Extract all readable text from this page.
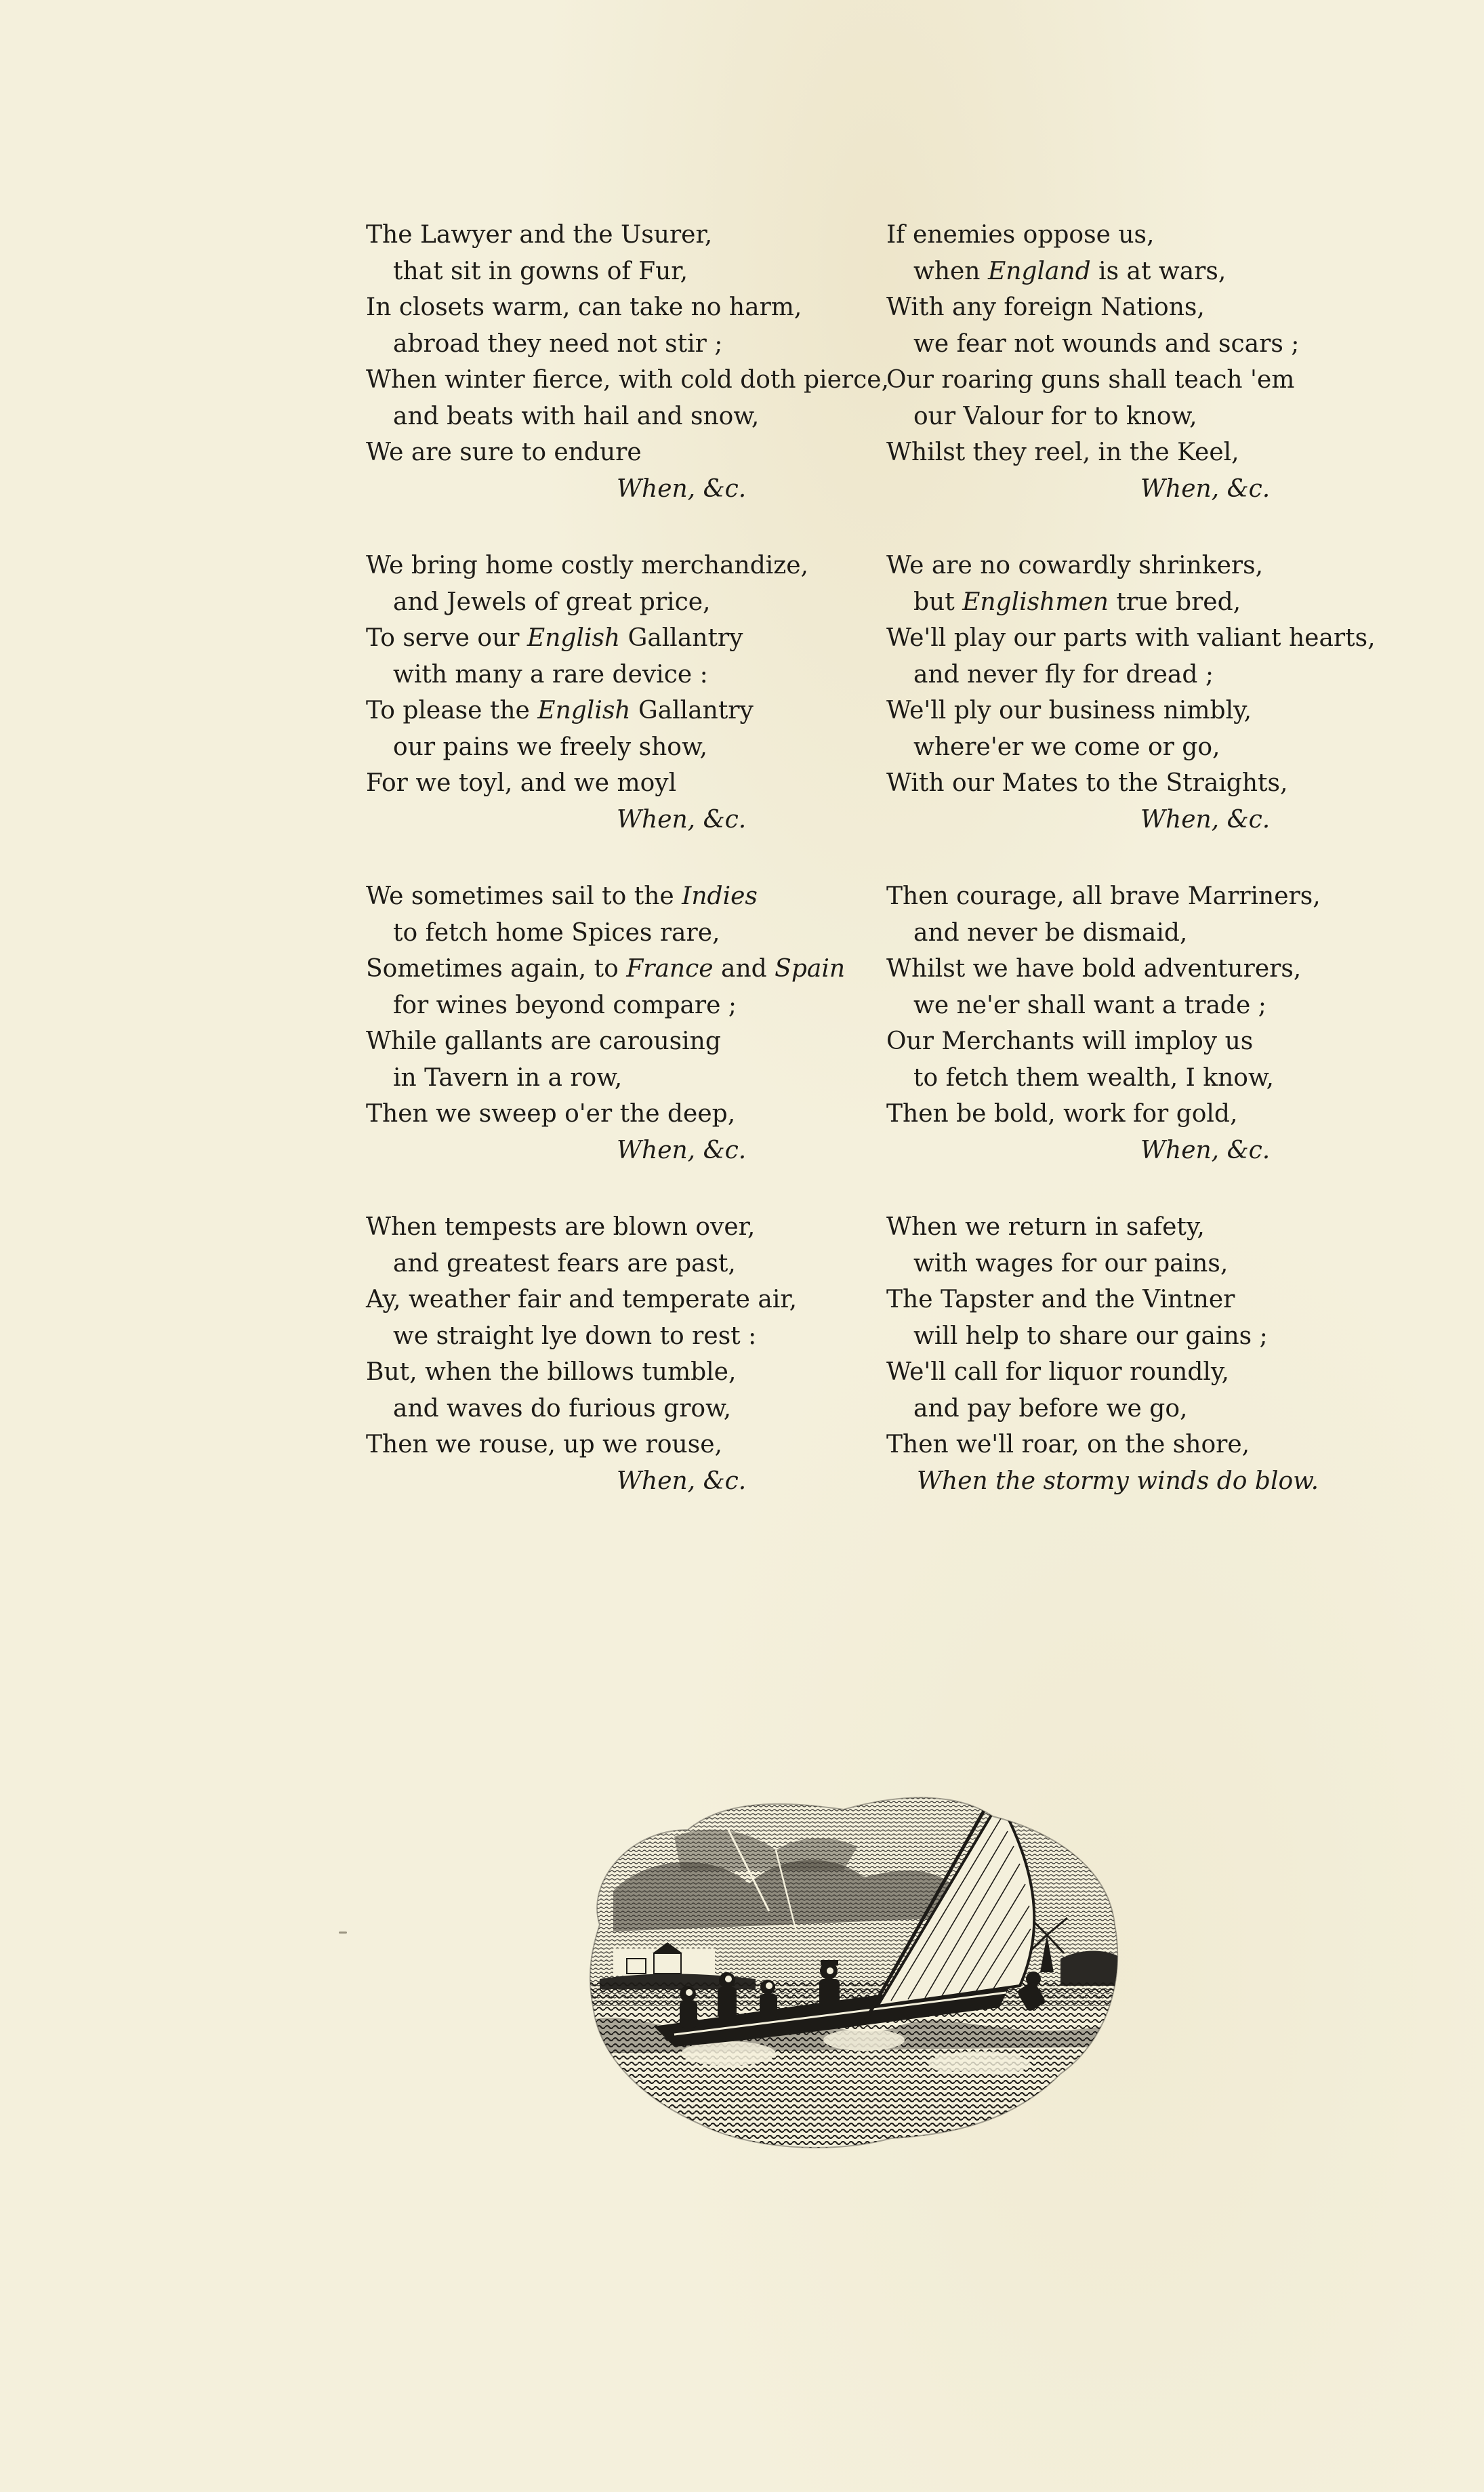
The Lawyer and the Usurer,
that sit in gowns of Fur,
In closets warm, can take no harm,
abroad they need not stir ;
When winter fierce, with cold doth pierce,
and beats with hail and snow,
We are sure to endure
When, &c.
We bring home costly merchandize,
and Jewels of great price,
To serve our English Gallantry
with many a rare device :
To please the English Gallantry
our pains we freely show,
For we toyl, and we moyl
When, &c.
We sometimes sail to the Indies
to fetch home Spices rare,
Sometimes again, to France and Spain
for wines beyond compare ;
While gallants are carousing
in Tavern in a row,
Then we sweep o'er the deep,
When, &c.
When tempests are blown over,
and greatest fears are past,
Ay, weather fair and temperate air,
we straight lye down to rest :
But, when the billows tumble,
and waves do furious grow,
Then we rouse, up we rouse,
When, &c.
If enemies oppose us,
when England is at wars,
With any foreign Nations,
we fear not wounds and scars ;
Our roaring guns shall teach 'em
our Valour for to know,
Whilst they reel, in the Keel,
When, &c.
We are no cowardly shrinkers,
but Englishmen true bred,
We'll play our parts with valiant hearts,
and never fly for dread ;
We'll ply our business nimbly,
where'er we come or go,
With our Mates to the Straights,
When, &c.
Then courage, all brave Marriners,
and never be dismaid,
Whilst we have bold adventurers,
we ne'er shall want a trade ;
Our Merchants will imploy us
to fetch them wealth, I know,
Then be bold, work for gold,
When, &c.
When we return in safety,
with wages for our pains,
The Tapster and the Vintner
will help to share our gains ;
We'll call for liquor roundly,
and pay before we go,
Then we'll roar, on the shore,
When the stormy winds do blow.
